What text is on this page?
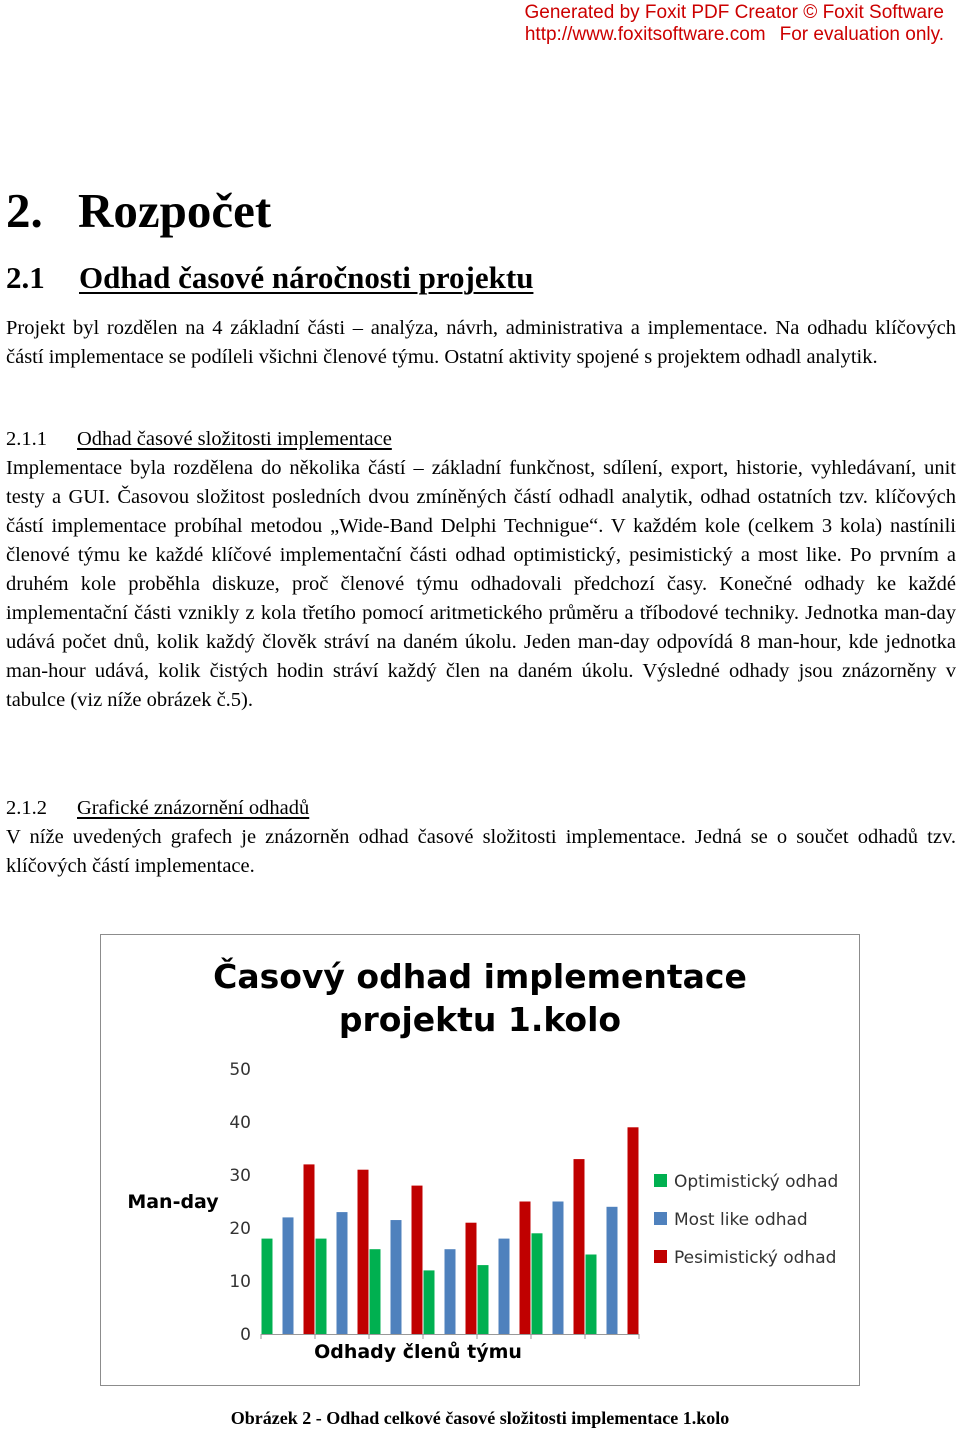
Generated by Foxit PDF Creator © Foxit Software
http://www.foxitsoftware.com For evaluation only.
2. Rozpočet
2.1 Odhad časové náročnosti projektu

Projekt byl rozdělen na 4 základní části – analýza, návrh, administrativa a implementace. Na odhadu klíčových částí implementace se podíleli všichni členové týmu. Ostatní aktivity spojené s projektem odhadl analytik.

2.1.1 Odhad časové složitosti implementace

Implementace byla rozdělena do několika částí – základní funkčnost, sdílení, export, historie, vyhledávaní, unit testy a GUI. Časovou složitost posledních dvou zmíněných částí odhadl analytik, odhad ostatních tzv. klíčových částí implementace probíhal metodou „Wide-Band Delphi Technigue“. V každém kole (celkem 3 kola) nastínili členové týmu ke každé klíčové implementační části odhad optimistický, pesimistický a most like. Po prvním a druhém kole proběhla diskuze, proč členové týmu odhadovali předchozí časy. Konečné odhady ke každé implementační části vznikly z kola třetího pomocí aritmetického průměru a tříbodové techniky. Jednotka man-day udává počet dnů, kolik každý člověk stráví na daném úkolu. Jeden man-day odpovídá 8 man-hour, kde jednotka man-hour udává, kolik čistých hodin stráví každý člen na daném úkolu. Výsledné odhady jsou znázorněny v tabulce (viz níže obrázek č.5).

2.1.2 Grafické znázornění odhadů

V níže uvedených grafech je znázorněn odhad časové složitosti implementace. Jedná se o součet odhadů tzv. klíčových částí implementace.

Časový odhad implementace
projektu 1.kolo
Man-day
Odhady členů týmu
0
10
20
30
40
50
Optimistický odhad
Most like odhad
Pesimistický odhad
Obrázek 2 - Odhad celkové časové složitosti implementace 1.kolo
